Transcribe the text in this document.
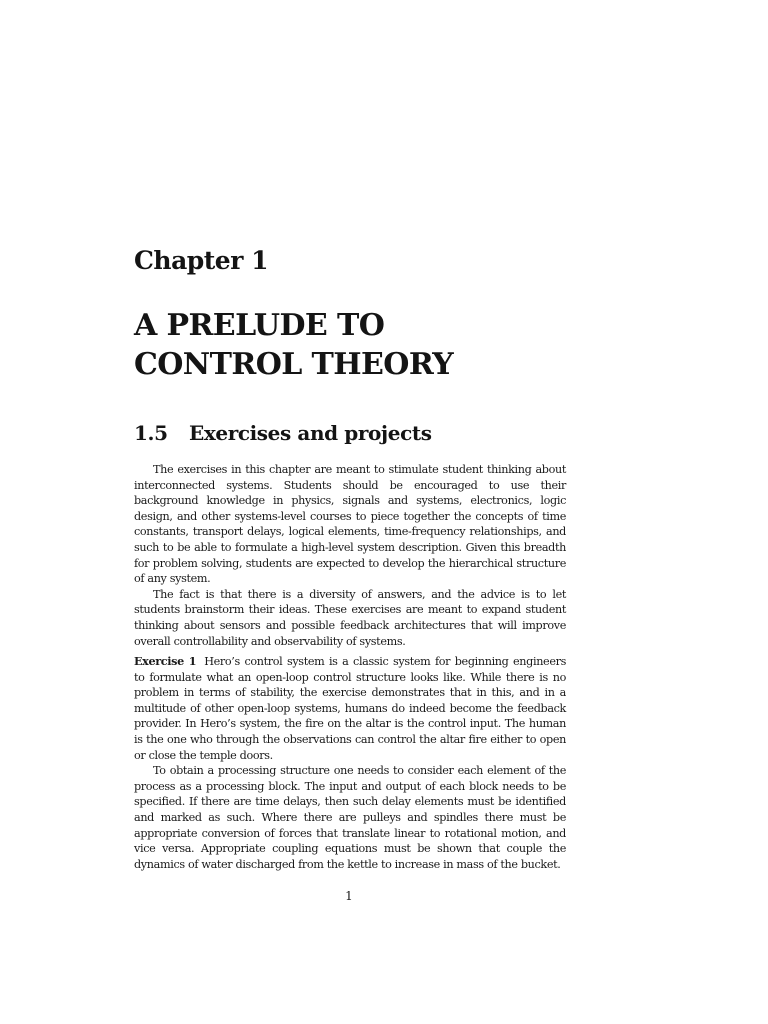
Chapter 1
A PRELUDE TO
CONTROL THEORY
1.5 Exercises and projects

The exercises in this chapter are meant to stimulate student thinking about interconnected systems. Students should be encouraged to use their background knowledge in physics, signals and systems, electronics, logic design, and other systems-level courses to piece together the concepts of time constants, transport delays, logical elements, time-frequency relationships, and such to be able to formulate a high-level system description. Given this breadth for problem solving, students are expected to develop the hierarchical structure of any system.

The fact is that there is a diversity of answers, and the advice is to let students brainstorm their ideas. These exercises are meant to expand student thinking about sensors and possible feedback architectures that will improve overall controllability and observability of systems.

Exercise 1 Hero’s control system is a classic system for beginning engineers to formulate what an open-loop control structure looks like. While there is no problem in terms of stability, the exercise demonstrates that in this, and in a multitude of other open-loop systems, humans do indeed become the feedback provider. In Hero’s system, the fire on the altar is the control input. The human is the one who through the observations can control the altar fire either to open or close the temple doors.

To obtain a processing structure one needs to consider each element of the process as a processing block. The input and output of each block needs to be specified. If there are time delays, then such delay elements must be identified and marked as such. Where there are pulleys and spindles there must be appropriate conversion of forces that translate linear to rotational motion, and vice versa. Appropriate coupling equations must be shown that couple the dynamics of water discharged from the kettle to increase in mass of the bucket.

1
